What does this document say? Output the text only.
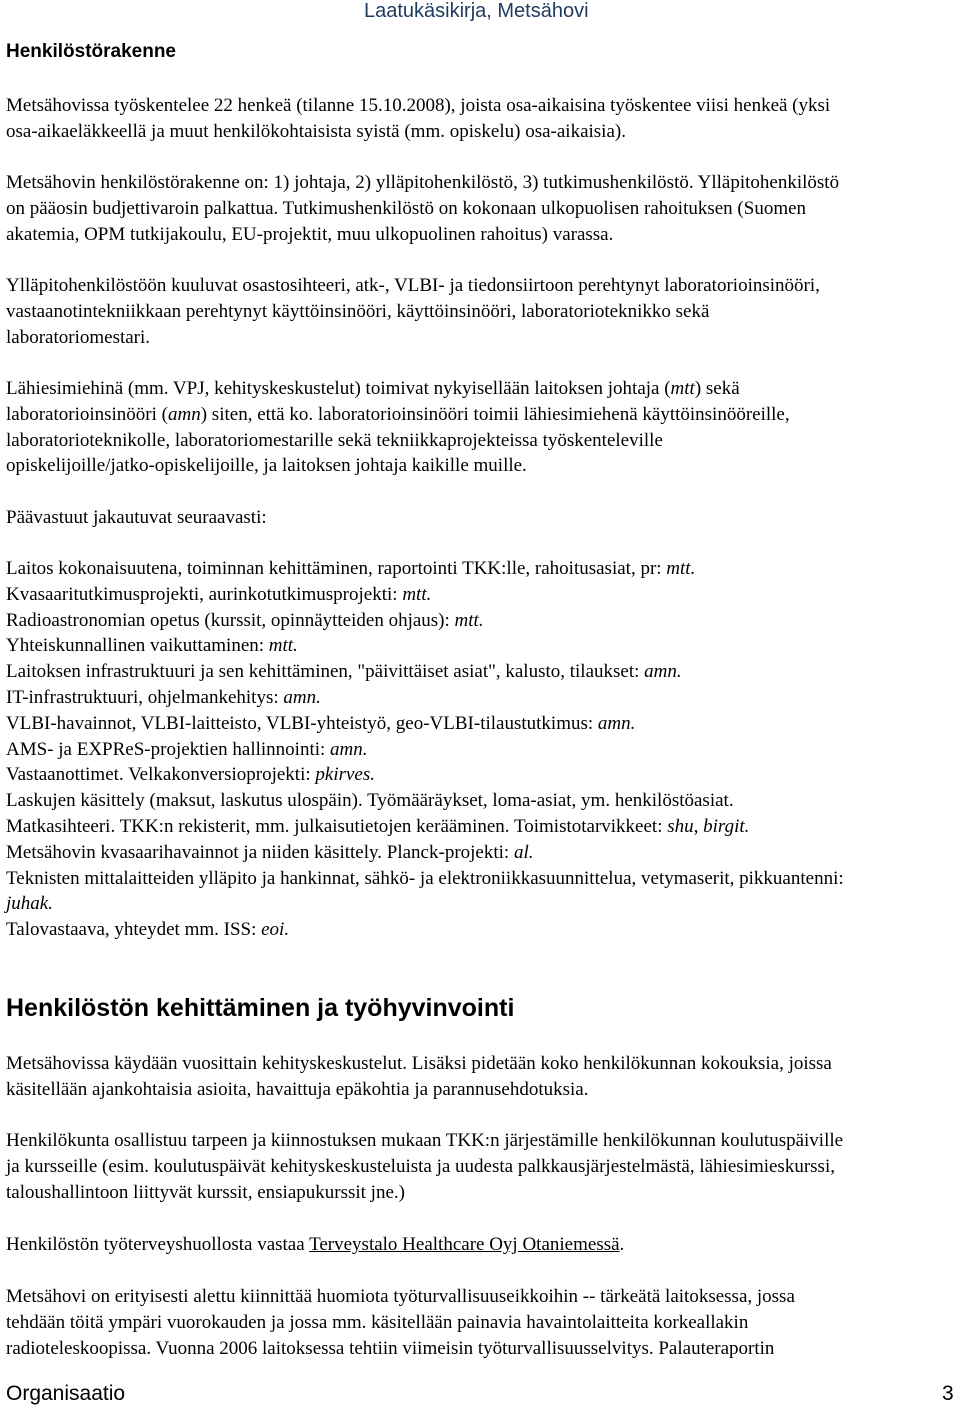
Laatukäsikirja, Metsähovi
Henkilöstörakenne
Metsähovissa työskentelee 22 henkeä (tilanne 15.10.2008), joista osa-aikaisina työskentee viisi henkeä (yksi
osa-aikaeläkkeellä ja muut henkilökohtaisista syistä (mm. opiskelu) osa-aikaisia).
Metsähovin henkilöstörakenne on: 1) johtaja, 2) ylläpitohenkilöstö, 3) tutkimushenkilöstö. Ylläpitohenkilöstö
on pääosin budjettivaroin palkattua. Tutkimushenkilöstö on kokonaan ulkopuolisen rahoituksen (Suomen
akatemia, OPM tutkijakoulu, EU-projektit, muu ulkopuolinen rahoitus) varassa.
Ylläpitohenkilöstöön kuuluvat osastosihteeri, atk-, VLBI- ja tiedonsiirtoon perehtynyt laboratorioinsinööri,
vastaanotintekniikkaan perehtynyt käyttöinsinööri, käyttöinsinööri, laboratorioteknikko sekä
laboratoriomestari.
Lähiesimiehinä (mm. VPJ, kehityskeskustelut) toimivat nykyisellään laitoksen johtaja (mtt) sekä
laboratorioinsinööri (amn) siten, että ko. laboratorioinsinööri toimii lähiesimiehenä käyttöinsinööreille,
laboratorioteknikolle, laboratoriomestarille sekä tekniikkaprojekteissa työskenteleville
opiskelijoille/jatko-opiskelijoille, ja laitoksen johtaja kaikille muille.
Päävastuut jakautuvat seuraavasti:
Laitos kokonaisuutena, toiminnan kehittäminen, raportointi TKK:lle, rahoitusasiat, pr: mtt.
Kvasaaritutkimusprojekti, aurinkotutkimusprojekti: mtt.
Radioastronomian opetus (kurssit, opinnäytteiden ohjaus): mtt.
Yhteiskunnallinen vaikuttaminen: mtt.
Laitoksen infrastruktuuri ja sen kehittäminen, "päivittäiset asiat", kalusto, tilaukset: amn.
IT-infrastruktuuri, ohjelmankehitys: amn.
VLBI-havainnot, VLBI-laitteisto, VLBI-yhteistyö, geo-VLBI-tilaustutkimus: amn.
AMS- ja EXPReS-projektien hallinnointi: amn.
Vastaanottimet. Velkakonversioprojekti: pkirves.
Laskujen käsittely (maksut, laskutus ulospäin). Työmääräykset, loma-asiat, ym. henkilöstöasiat.
Matkasihteeri. TKK:n rekisterit, mm. julkaisutietojen kerääminen. Toimistotarvikkeet: shu, birgit.
Metsähovin kvasaarihavainnot ja niiden käsittely. Planck-projekti: al.
Teknisten mittalaitteiden ylläpito ja hankinnat, sähkö- ja elektroniikkasuunnittelua, vetymaserit, pikkuantenni:
juhak.
Talovastaava, yhteydet mm. ISS: eoi.
Henkilöstön kehittäminen ja työhyvinvointi
Metsähovissa käydään vuosittain kehityskeskustelut. Lisäksi pidetään koko henkilökunnan kokouksia, joissa
käsitellään ajankohtaisia asioita, havaittuja epäkohtia ja parannusehdotuksia.
Henkilökunta osallistuu tarpeen ja kiinnostuksen mukaan TKK:n järjestämille henkilökunnan koulutuspäiville
ja kursseille (esim. koulutuspäivät kehityskeskusteluista ja uudesta palkkausjärjestelmästä, lähiesimieskurssi,
taloushallintoon liittyvät kurssit, ensiapukurssit jne.)
Henkilöstön työterveyshuollosta vastaa Terveystalo Healthcare Oyj Otaniemessä.
Metsähovi on erityisesti alettu kiinnittää huomiota työturvallisuuseikkoihin -- tärkeätä laitoksessa, jossa
tehdään töitä ympäri vuorokauden ja jossa mm. käsitellään painavia havaintolaitteita korkeallakin
radioteleskoopissa. Vuonna 2006 laitoksessa tehtiin viimeisin työturvallisuusselvitys. Palauteraportin
Organisaatio	3
